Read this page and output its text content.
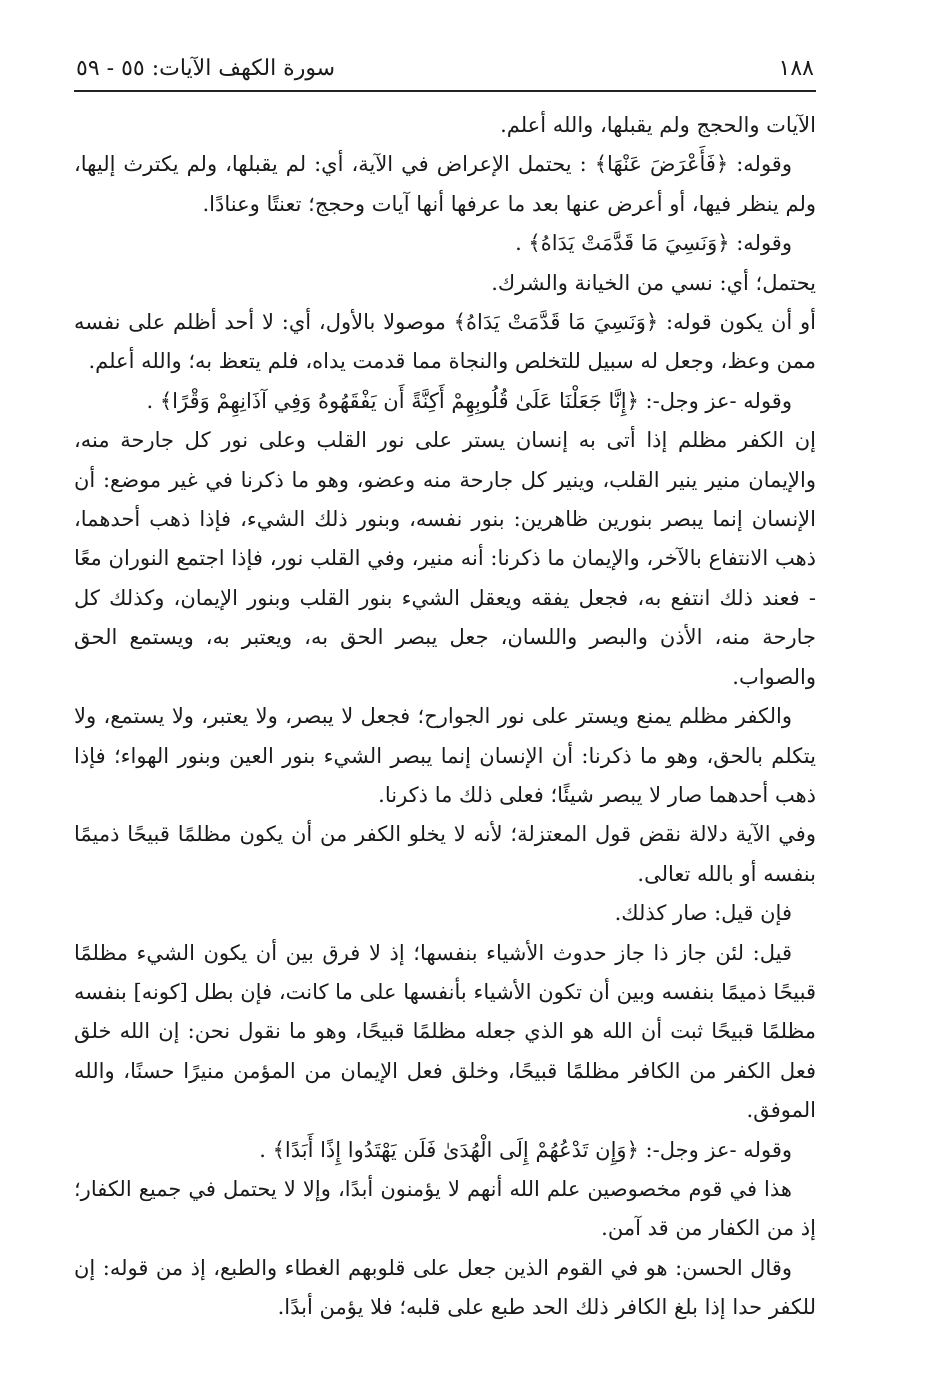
١٨٨
سورة الكهف الآيات: ٥٥ - ٥٩

الآيات والحجج ولم يقبلها، والله أعلم.

وقوله: ﴿فَأَعْرَضَ عَنْهَا﴾ : يحتمل الإعراض في الآية، أي: لم يقبلها، ولم يكترث إليها، ولم ينظر فيها، أو أعرض عنها بعد ما عرفها أنها آيات وحجج؛ تعنتًا وعنادًا.

وقوله: ﴿وَنَسِيَ مَا قَدَّمَتْ يَدَاهُ﴾ .

يحتمل؛ أي: نسي من الخيانة والشرك.

أو أن يكون قوله: ﴿وَنَسِيَ مَا قَدَّمَتْ يَدَاهُ﴾ موصولا بالأول، أي: لا أحد أظلم على نفسه ممن وعظ، وجعل له سبيل للتخلص والنجاة مما قدمت يداه، فلم يتعظ به؛ والله أعلم.

وقوله -عز وجل-: ﴿إِنَّا جَعَلْنَا عَلَىٰ قُلُوبِهِمْ أَكِنَّةً أَن يَفْقَهُوهُ وَفِي آذَانِهِمْ وَقْرًا﴾ .

إن الكفر مظلم إذا أتى به إنسان يستر على نور القلب وعلى نور كل جارحة منه، والإيمان منير ينير القلب، وينير كل جارحة منه وعضو، وهو ما ذكرنا في غير موضع: أن الإنسان إنما يبصر بنورين ظاهرين: بنور نفسه، وبنور ذلك الشيء، فإذا ذهب أحدهما، ذهب الانتفاع بالآخر، والإيمان ما ذكرنا: أنه منير، وفي القلب نور، فإذا اجتمع النوران معًا - فعند ذلك انتفع به، فجعل يفقه ويعقل الشيء بنور القلب وبنور الإيمان، وكذلك كل جارحة منه، الأذن والبصر واللسان، جعل يبصر الحق به، ويعتبر به، ويستمع الحق والصواب.

والكفر مظلم يمنع ويستر على نور الجوارح؛ فجعل لا يبصر، ولا يعتبر، ولا يستمع، ولا يتكلم بالحق، وهو ما ذكرنا: أن الإنسان إنما يبصر الشيء بنور العين وبنور الهواء؛ فإذا ذهب أحدهما صار لا يبصر شيئًا؛ فعلى ذلك ما ذكرنا.

وفي الآية دلالة نقض قول المعتزلة؛ لأنه لا يخلو الكفر من أن يكون مظلمًا قبيحًا ذميمًا بنفسه أو بالله تعالى.

فإن قيل: صار كذلك.

قيل: لئن جاز ذا جاز حدوث الأشياء بنفسها؛ إذ لا فرق بين أن يكون الشيء مظلمًا قبيحًا ذميمًا بنفسه وبين أن تكون الأشياء بأنفسها على ما كانت، فإن بطل [كونه] بنفسه مظلمًا قبيحًا ثبت أن الله هو الذي جعله مظلمًا قبيحًا، وهو ما نقول نحن: إن الله خلق فعل الكفر من الكافر مظلمًا قبيحًا، وخلق فعل الإيمان من المؤمن منيرًا حسنًا، والله الموفق.

وقوله -عز وجل-: ﴿وَإِن تَدْعُهُمْ إِلَى الْهُدَىٰ فَلَن يَهْتَدُوا إِذًا أَبَدًا﴾ .

هذا في قوم مخصوصين علم الله أنهم لا يؤمنون أبدًا، وإلا لا يحتمل في جميع الكفار؛ إذ من الكفار من قد آمن.

وقال الحسن: هو في القوم الذين جعل على قلوبهم الغطاء والطبع، إذ من قوله: إن للكفر حدا إذا بلغ الكافر ذلك الحد طبع على قلبه؛ فلا يؤمن أبدًا.
